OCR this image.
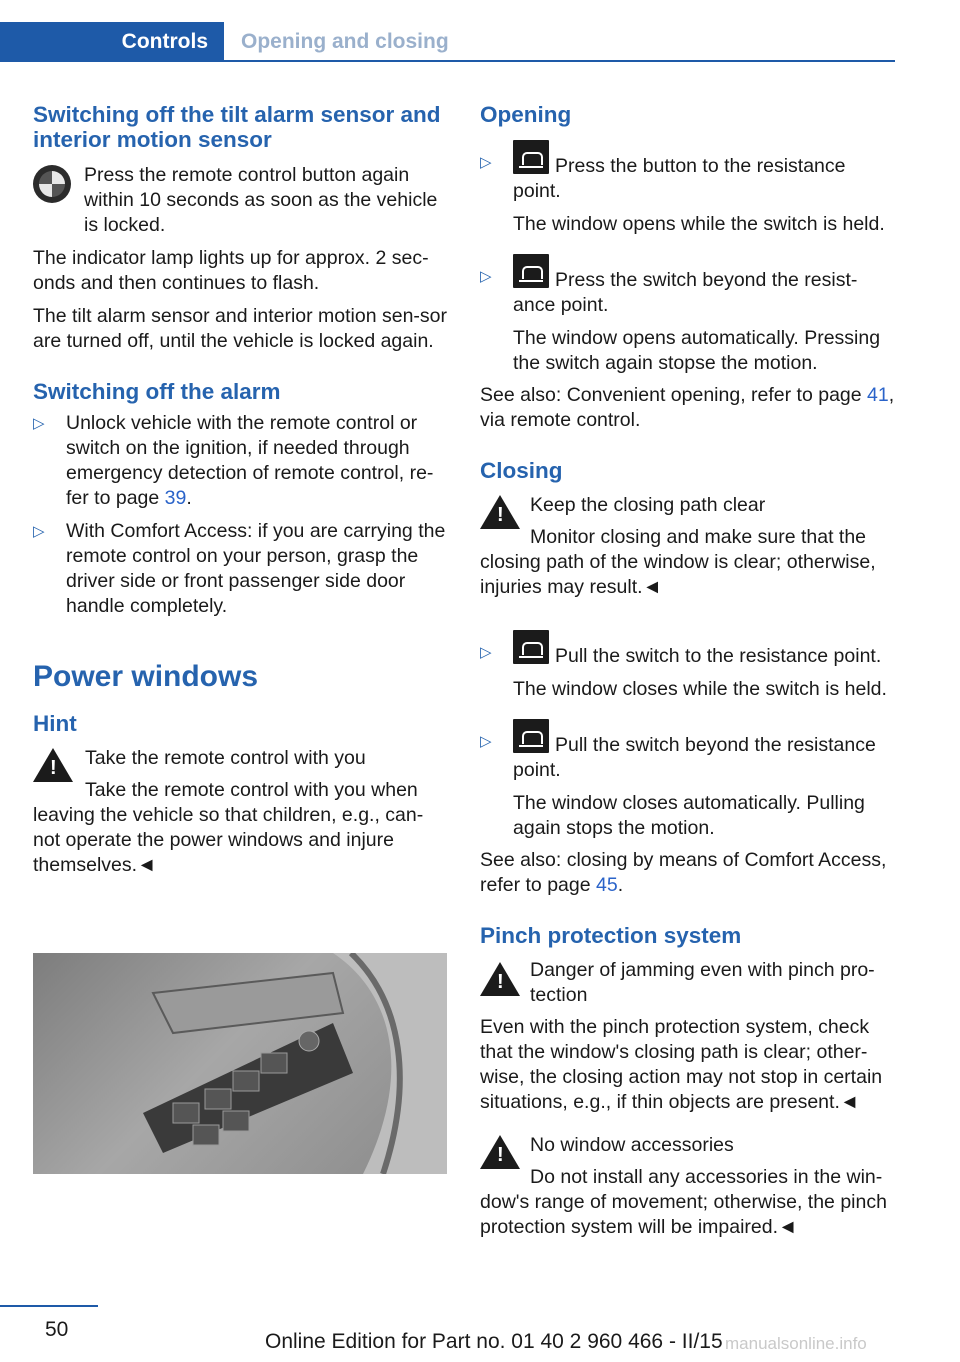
Controls	Opening and closing

Switching off the tilt alarm sensor and interior motion sensor

Press the remote control button again within 10 seconds as soon as the vehicle is locked.

The indicator lamp lights up for approx. 2 sec‐onds and then continues to flash.

The tilt alarm sensor and interior motion sen‐sor are turned off, until the vehicle is locked again.

Switching off the alarm

▷ Unlock vehicle with the remote control or switch on the ignition, if needed through emergency detection of remote control, re‐fer to page 39.
▷ With Comfort Access: if you are carrying the remote control on your person, grasp the driver side or front passenger side door handle completely.

Power windows

Hint

! Take the remote control with you

Take the remote control with you when leaving the vehicle so that children, e.g., can‐not operate the power windows and injure themselves.◄

Opening

▷	Press the button to the resistance point.

The window opens while the switch is held.

▷	Press the switch beyond the resist‐ance point.

The window opens automatically. Pressing the switch again stopse the motion.

See also: Convenient opening, refer to page 41, via remote control.

Closing

! Keep the closing path clear

Monitor closing and make sure that the closing path of the window is clear; otherwise, injuries may result.◄

▷	Pull the switch to the resistance point.

The window closes while the switch is held.

▷	Pull the switch beyond the resistance point.

The window closes automatically. Pulling again stops the motion.

See also: closing by means of Comfort Access, refer to page 45.

Pinch protection system

!

Danger of jamming even with pinch pro‐tection

Even with the pinch protection system, check that the window's closing path is clear; other‐wise, the closing action may not stop in certain situations, e.g., if thin objects are present.◄

! No window accessories

Do not install any accessories in the win‐dow's range of movement; otherwise, the pinch protection system will be impaired.◄

50
Online Edition for Part no. 01 40 2 960 466 - II/15 manualsonline.info
